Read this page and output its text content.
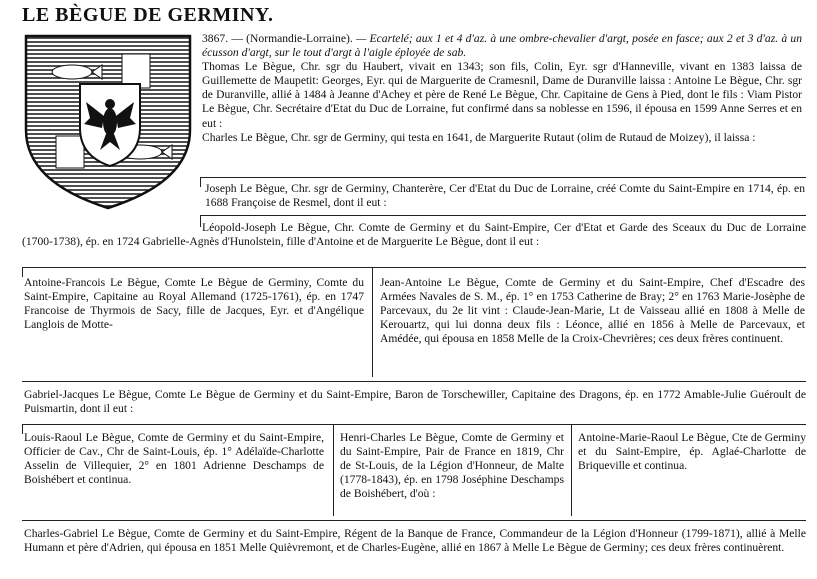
LE BÈGUE DE GERMINY.

3867. — (Normandie-Lorraine). — Ecartelé; aux 1 et 4 d'az. à une ombre-chevalier d'argt, posée en fasce; aux 2 et 3 d'az. à un écusson d'argt, sur le tout d'argt à l'aigle éployée de sab.

Thomas Le Bègue, Chr. sgr du Haubert, vivait en 1343; son fils, Colin, Eyr. sgr d'Hanneville, vivant en 1383 laissa de Guillemette de Maupetit: Georges, Eyr. qui de Marguerite de Cramesnil, Dame de Duranville laissa : Antoine Le Bègue, Chr. sgr de Duranville, allié à 1484 à Jeanne d'Achey et père de René Le Bègue, Chr. Capitaine de Gens à Pied, dont le fils : Viam Pistor Le Bègue, Chr. Secrétaire d'Etat du Duc de Lorraine, fut confirmé dans sa noblesse en 1596, il épousa en 1599 Anne Serres et en eut :

Charles Le Bègue, Chr. sgr de Germiny, qui testa en 1641, de Marguerite Rutaut (olim de Rutaud de Moizey), il laissa :

Joseph Le Bègue, Chr. sgr de Germiny, Chanterère, Cer d'Etat du Duc de Lorraine, créé Comte du Saint-Empire en 1714, ép. en 1688 Françoise de Resmel, dont il eut :
Léopold-Joseph Le Bègue, Chr. Comte de Germiny et du Saint-Empire, Cer d'Etat et Garde des Sceaux du Duc de Lorraine (1700-1738), ép. en 1724 Gabrielle-Agnès d'Hunolstein, fille d'Antoine et de Marguerite Le Bègue, dont il eut :
Antoine-Francois Le Bègue, Comte Le Bègue de Germiny, Comte du Saint-Empire, Capitaine au Royal Allemand (1725-1761), ép. en 1747 Francoise de Thyrmois de Sacy, fille de Jacques, Eyr. et d'Angélique Langlois de Motte-
Jean-Antoine Le Bègue, Comte de Germiny et du Saint-Empire, Chef d'Escadre des Armées Navales de S. M., ép. 1° en 1753 Catherine de Bray; 2° en 1763 Marie-Josèphe de Parcevaux, du 2e lit vint : Claude-Jean-Marie, Lt de Vaisseau allié en 1808 à Melle de Kerouartz, qui lui donna deux fils : Léonce, allié en 1856 à Melle de Parcevaux, et Amédée, qui épousa en 1858 Melle de la Croix-Chevrières; ces deux frères continuent.
Gabriel-Jacques Le Bègue, Comte Le Bègue de Germiny et du Saint-Empire, Baron de Torschewiller, Capitaine des Dragons, ép. en 1772 Amable-Julie Guéroult de Puismartin, dont il eut :
Louis-Raoul Le Bègue, Comte de Germiny et du Saint-Empire, Officier de Cav., Chr de Saint-Louis, ép. 1° Adélaïde-Charlotte Asselin de Villequier, 2° en 1801 Adrienne Deschamps de Boishébert et continua.
Henri-Charles Le Bègue, Comte de Germiny et du Saint-Empire, Pair de France en 1819, Chr de St-Louis, de la Légion d'Honneur, de Malte (1778-1843), ép. en 1798 Joséphine Deschamps de Boishébert, d'où :
Antoine-Marie-Raoul Le Bègue, Cte de Germiny et du Saint-Empire, ép. Aglaé-Charlotte de Briqueville et continua.
Charles-Gabriel Le Bègue, Comte de Germiny et du Saint-Empire, Régent de la Banque de France, Commandeur de la Légion d'Honneur (1799-1871), allié à Melle Humann et père d'Adrien, qui épousa en 1851 Melle Quièvremont, et de Charles-Eugène, allié en 1867 à Melle Le Bègue de Germiny; ces deux frères continuèrent.
